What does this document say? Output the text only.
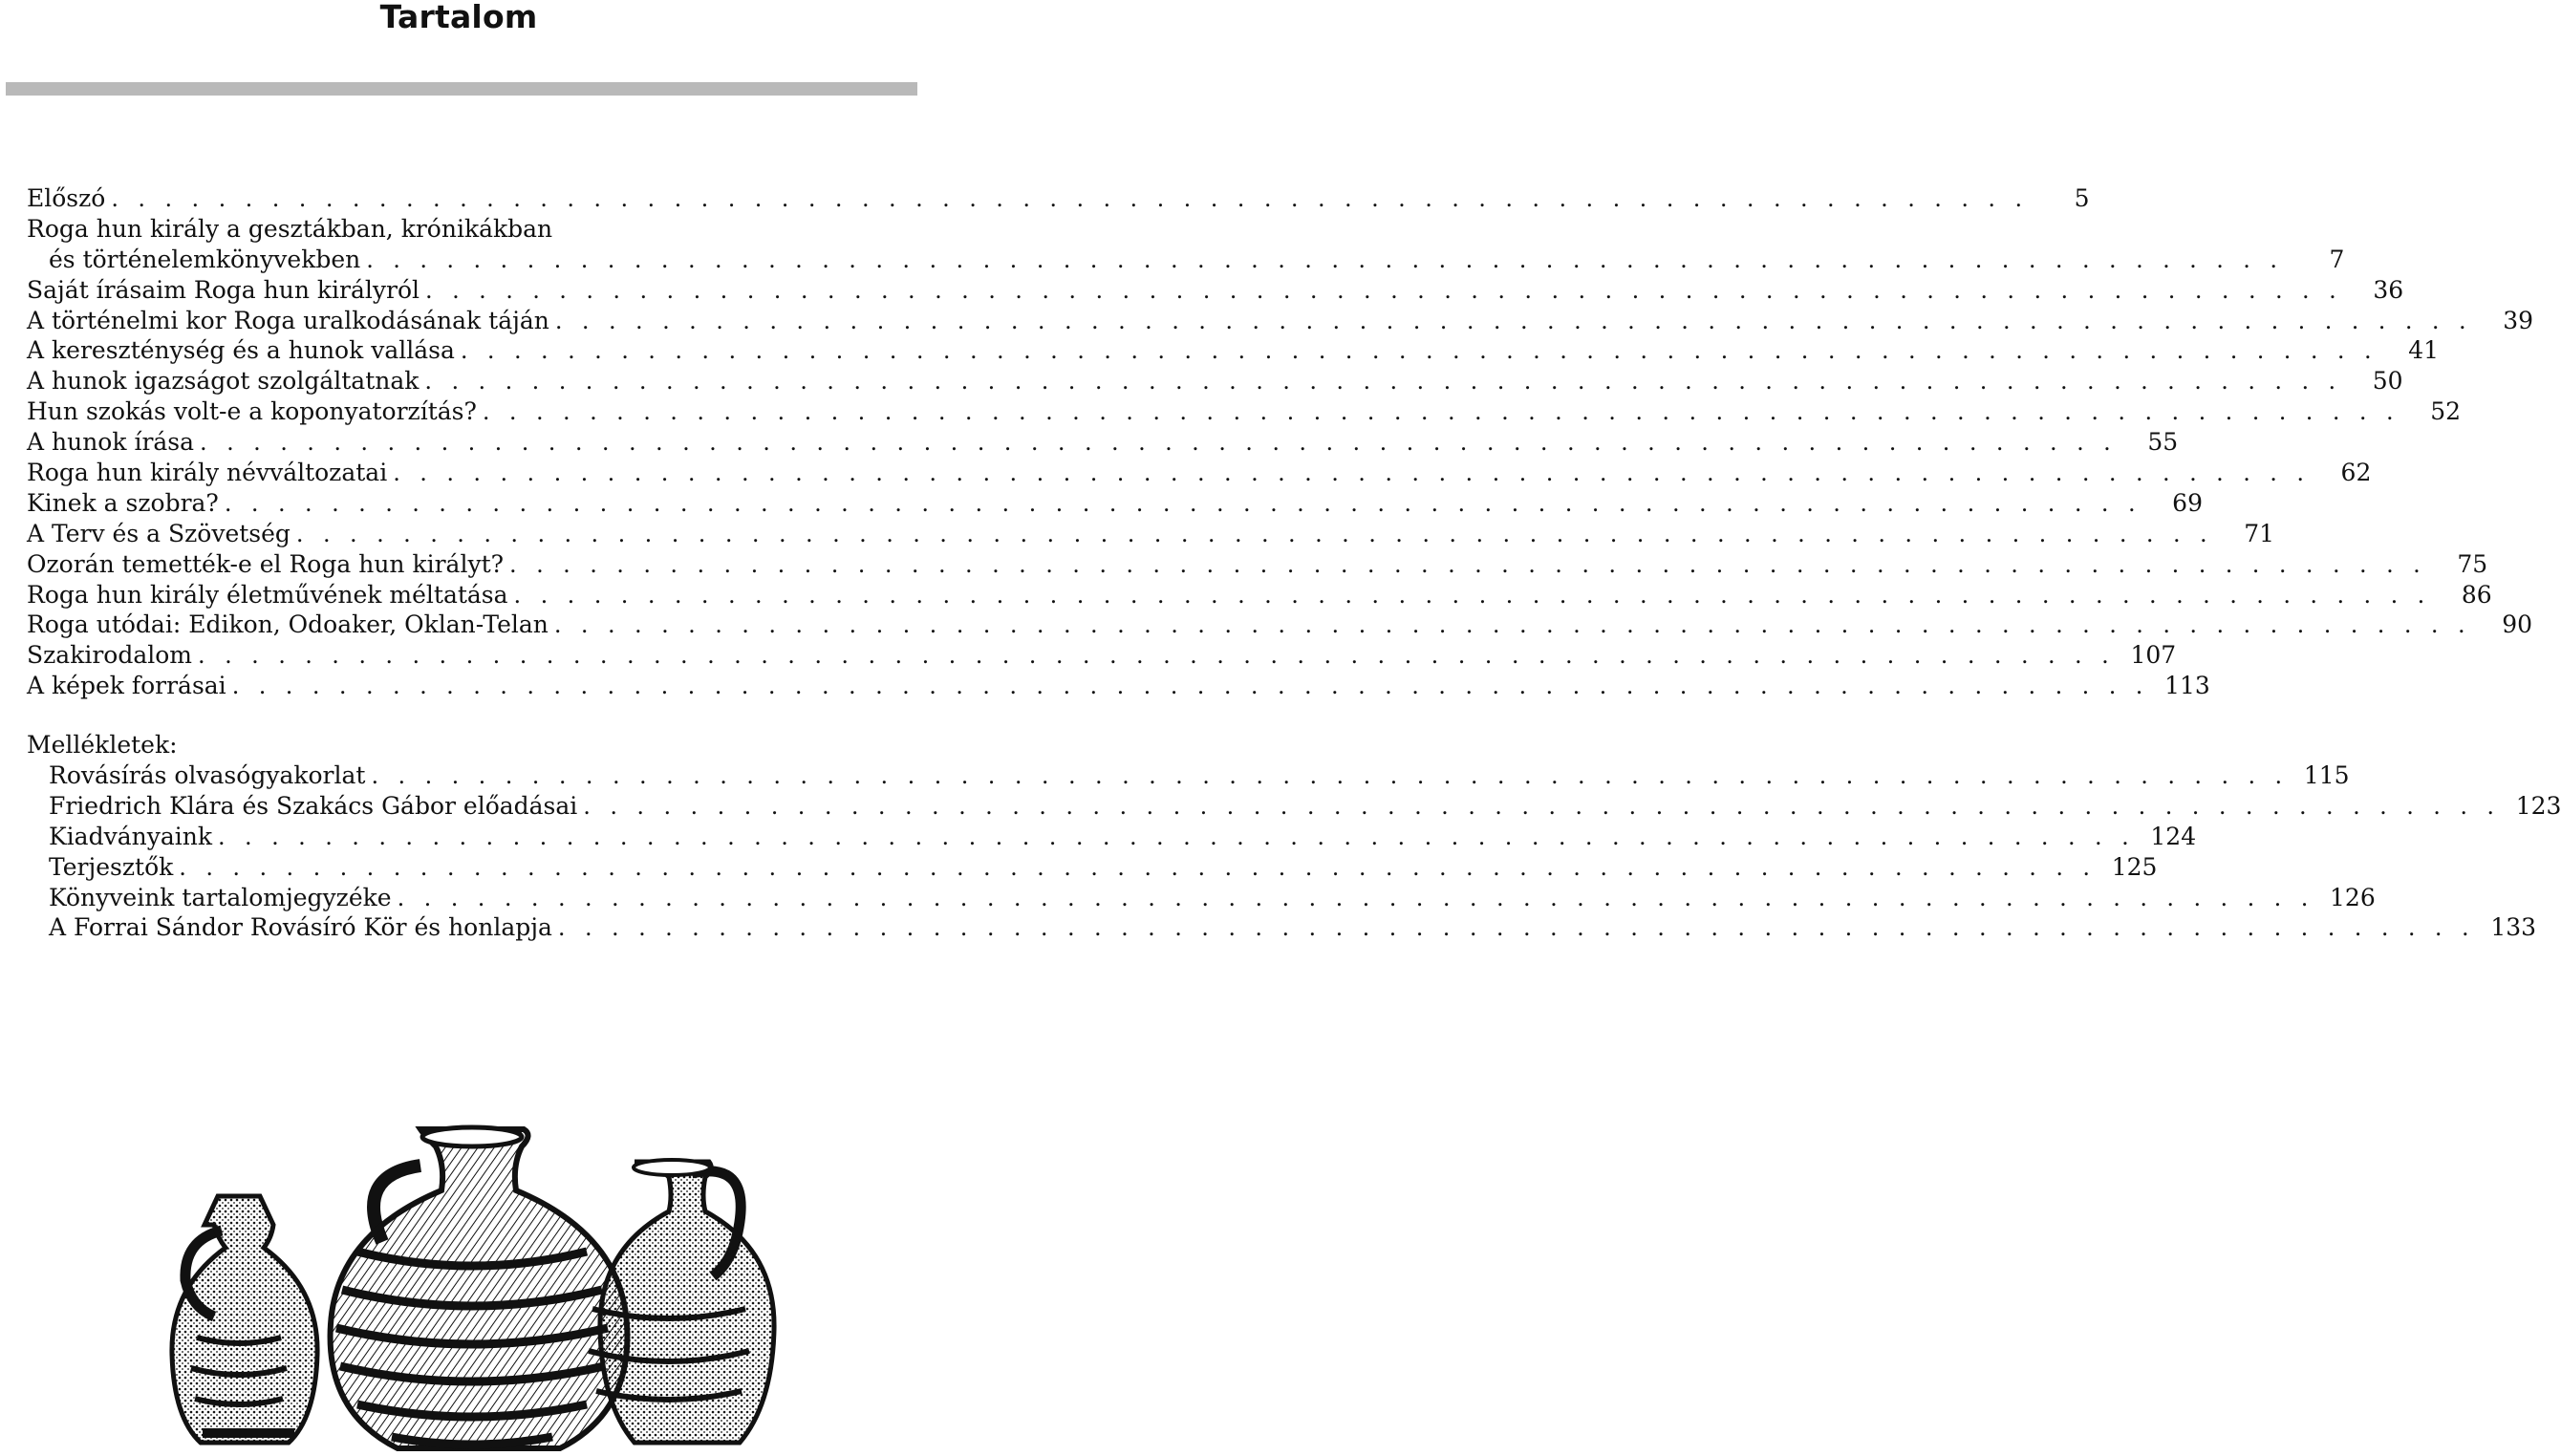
Tartalom
Előszó . . . . . . . . . . . . . . . . . . . . . . . . . . . . . . . . . . . . . . . . . . . . . . . . . . . . . . . . . . . . . . . . . . . . . . . .	5
Roga hun király a gesztákban, krónikákban
és történelemkönyvekben . . . . . . . . . . . . . . . . . . . . . . . . . . . . . . . . . . . . . . . . . . . . . . . . . . . . . . . . . . . . . . . . . . . . . . . .	7
Saját írásaim Roga hun királyról . . . . . . . . . . . . . . . . . . . . . . . . . . . . . . . . . . . . . . . . . . . . . . . . . . . . . . . . . . . . . . . . . . . . . . . .	36
A történelmi kor Roga uralkodásának táján . . . . . . . . . . . . . . . . . . . . . . . . . . . . . . . . . . . . . . . . . . . . . . . . . . . . . . . . . . . . . . . . . . . . . . . .	39
A kereszténység és a hunok vallása . . . . . . . . . . . . . . . . . . . . . . . . . . . . . . . . . . . . . . . . . . . . . . . . . . . . . . . . . . . . . . . . . . . . . . . .	41
A hunok igazságot szolgáltatnak . . . . . . . . . . . . . . . . . . . . . . . . . . . . . . . . . . . . . . . . . . . . . . . . . . . . . . . . . . . . . . . . . . . . . . . .	50
Hun szokás volt-e a koponyatorzítás? . . . . . . . . . . . . . . . . . . . . . . . . . . . . . . . . . . . . . . . . . . . . . . . . . . . . . . . . . . . . . . . . . . . . . . . .	52
A hunok írása . . . . . . . . . . . . . . . . . . . . . . . . . . . . . . . . . . . . . . . . . . . . . . . . . . . . . . . . . . . . . . . . . . . . . . . .	55
Roga hun király névváltozatai . . . . . . . . . . . . . . . . . . . . . . . . . . . . . . . . . . . . . . . . . . . . . . . . . . . . . . . . . . . . . . . . . . . . . . . .	62
Kinek a szobra? . . . . . . . . . . . . . . . . . . . . . . . . . . . . . . . . . . . . . . . . . . . . . . . . . . . . . . . . . . . . . . . . . . . . . . . .	69
A Terv és a Szövetség . . . . . . . . . . . . . . . . . . . . . . . . . . . . . . . . . . . . . . . . . . . . . . . . . . . . . . . . . . . . . . . . . . . . . . . .	71
Ozorán temették-e el Roga hun királyt? . . . . . . . . . . . . . . . . . . . . . . . . . . . . . . . . . . . . . . . . . . . . . . . . . . . . . . . . . . . . . . . . . . . . . . . .	75
Roga hun király életművének méltatása . . . . . . . . . . . . . . . . . . . . . . . . . . . . . . . . . . . . . . . . . . . . . . . . . . . . . . . . . . . . . . . . . . . . . . . .	86
Roga utódai: Edikon, Odoaker, Oklan-Telan . . . . . . . . . . . . . . . . . . . . . . . . . . . . . . . . . . . . . . . . . . . . . . . . . . . . . . . . . . . . . . . . . . . . . . . .	90
Szakirodalom . . . . . . . . . . . . . . . . . . . . . . . . . . . . . . . . . . . . . . . . . . . . . . . . . . . . . . . . . . . . . . . . . . . . . . . . 107
A képek forrásai . . . . . . . . . . . . . . . . . . . . . . . . . . . . . . . . . . . . . . . . . . . . . . . . . . . . . . . . . . . . . . . . . . . . . . . . 113
Mellékletek:
Rovásírás olvasógyakorlat . . . . . . . . . . . . . . . . . . . . . . . . . . . . . . . . . . . . . . . . . . . . . . . . . . . . . . . . . . . . . . . . . . . . . . . . 115
Friedrich Klára és Szakács Gábor előadásai . . . . . . . . . . . . . . . . . . . . . . . . . . . . . . . . . . . . . . . . . . . . . . . . . . . . . . . . . . . . . . . . . . . . . . . . 123
Kiadványaink . . . . . . . . . . . . . . . . . . . . . . . . . . . . . . . . . . . . . . . . . . . . . . . . . . . . . . . . . . . . . . . . . . . . . . . . 124
Terjesztők . . . . . . . . . . . . . . . . . . . . . . . . . . . . . . . . . . . . . . . . . . . . . . . . . . . . . . . . . . . . . . . . . . . . . . . . 125
Könyveink tartalomjegyzéke . . . . . . . . . . . . . . . . . . . . . . . . . . . . . . . . . . . . . . . . . . . . . . . . . . . . . . . . . . . . . . . . . . . . . . . . 126
A Forrai Sándor Rovásíró Kör és honlapja . . . . . . . . . . . . . . . . . . . . . . . . . . . . . . . . . . . . . . . . . . . . . . . . . . . . . . . . . . . . . . . . . . . . . . . . 133
